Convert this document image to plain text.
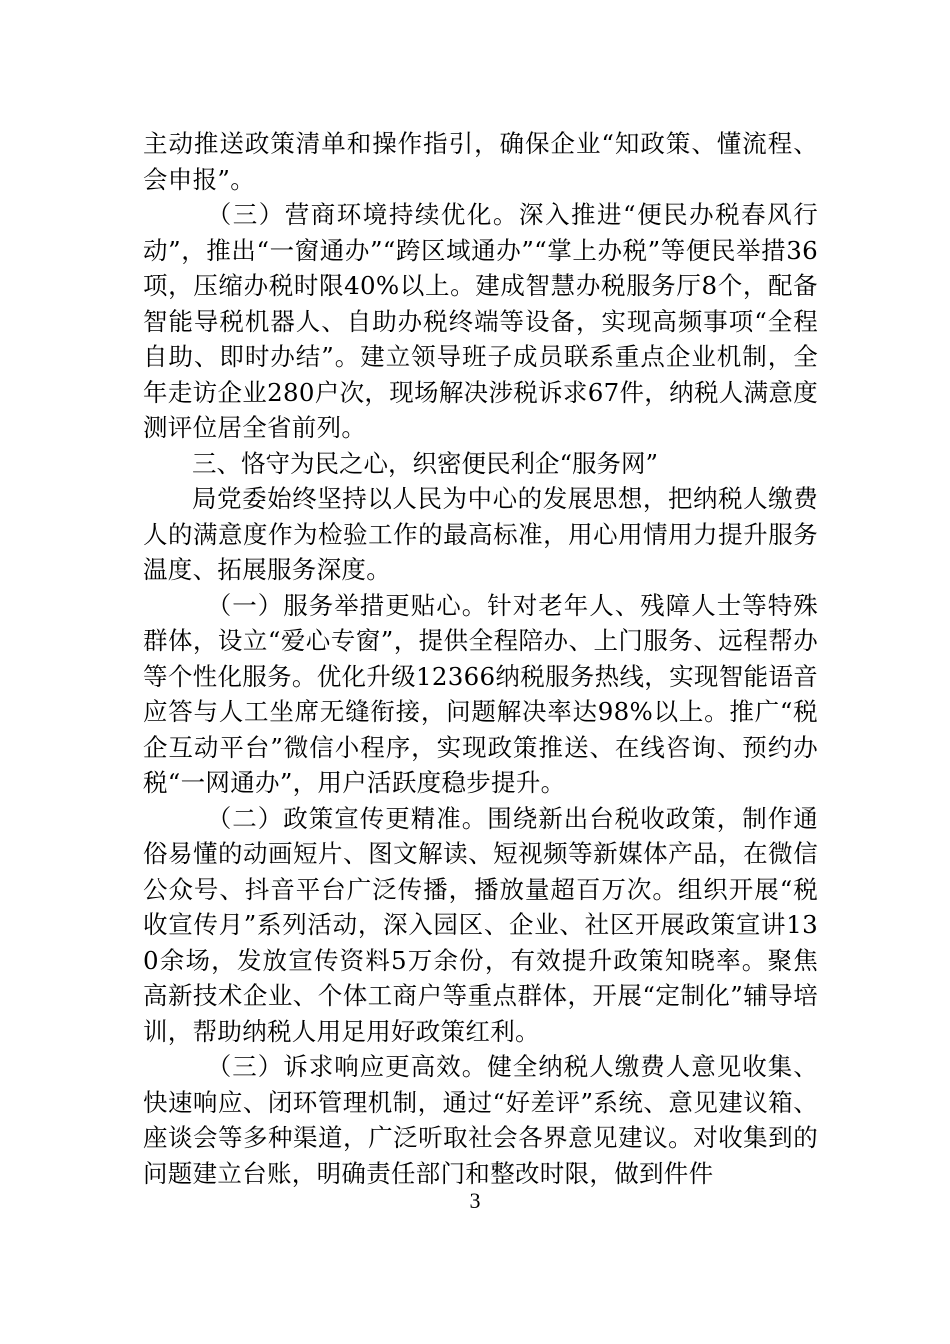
主动推送政策清单和操作指引，确保企业“知政策、懂流程、会申报”。

（三）营商环境持续优化。深入推进“便民办税春风行动”，推出“一窗通办”“跨区域通办”“掌上办税”等便民举措36项，压缩办税时限40%以上。建成智慧办税服务厅8个，配备智能导税机器人、自助办税终端等设备，实现高频事项“全程自助、即时办结”。建立领导班子成员联系重点企业机制，全年走访企业280户次，现场解决涉税诉求67件，纳税人满意度测评位居全省前列。

三、恪守为民之心，织密便民利企“服务网”

局党委始终坚持以人民为中心的发展思想，把纳税人缴费人的满意度作为检验工作的最高标准，用心用情用力提升服务温度、拓展服务深度。

（一）服务举措更贴心。针对老年人、残障人士等特殊群体，设立“爱心专窗”，提供全程陪办、上门服务、远程帮办等个性化服务。优化升级12366纳税服务热线，实现智能语音应答与人工坐席无缝衔接，问题解决率达98%以上。推广“税企互动平台”微信小程序，实现政策推送、在线咨询、预约办税“一网通办”，用户活跃度稳步提升。

（二）政策宣传更精准。围绕新出台税收政策，制作通俗易懂的动画短片、图文解读、短视频等新媒体产品，在微信公众号、抖音平台广泛传播，播放量超百万次。组织开展“税收宣传月”系列活动，深入园区、企业、社区开展政策宣讲130余场，发放宣传资料5万余份，有效提升政策知晓率。聚焦高新技术企业、个体工商户等重点群体，开展“定制化”辅导培训，帮助纳税人用足用好政策红利。

（三）诉求响应更高效。健全纳税人缴费人意见收集、快速响应、闭环管理机制，通过“好差评”系统、意见建议箱、座谈会等多种渠道，广泛听取社会各界意见建议。对收集到的问题建立台账，明确责任部门和整改时限，做到件件

3
